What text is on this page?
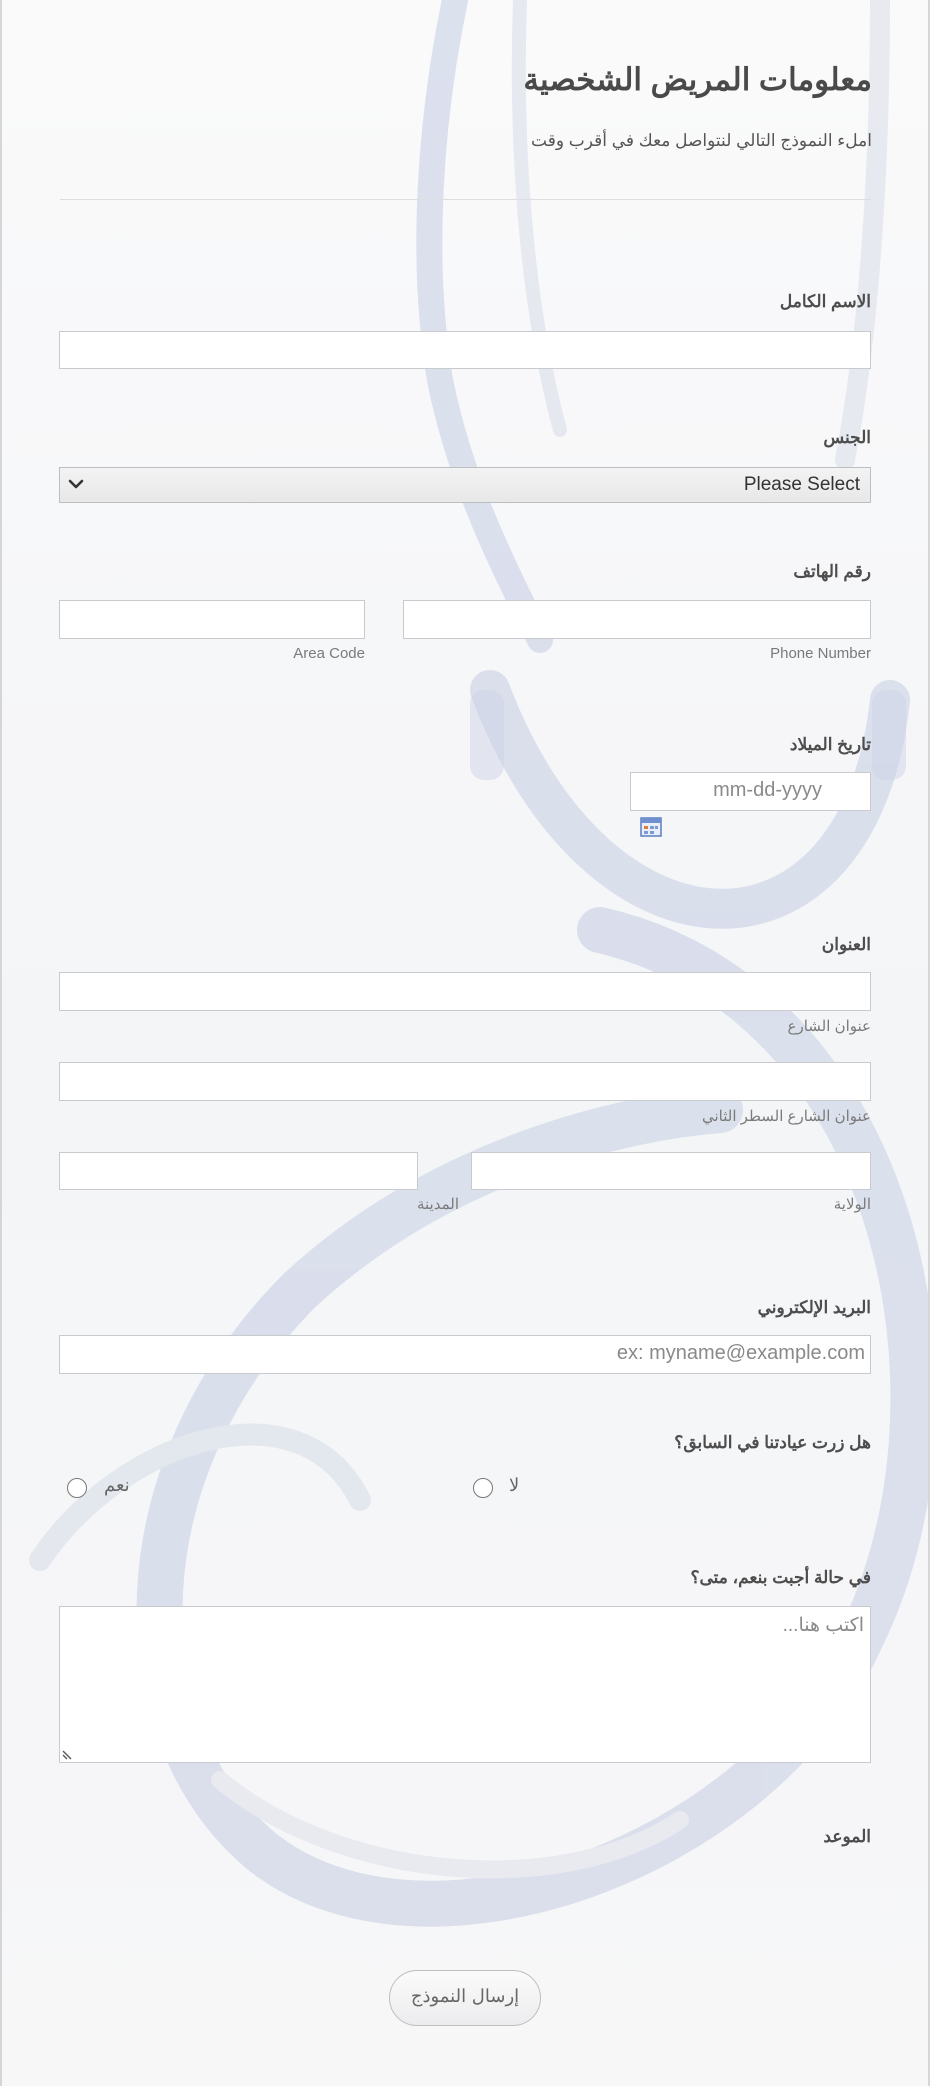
معلومات المريض الشخصية
املء النموذج التالي لنتواصل معك في أقرب وقت
الاسم الكامل
الجنس
Please Select
رقم الهاتف
Phone Number
Area Code
تاريخ الميلاد
mm-dd-yyyy
العنوان
عنوان الشارع
عنوان الشارع السطر الثاني
الولاية
المدينة
البريد الإلكتروني
ex: myname@example.com
هل زرت عيادتنا في السابق؟
نعم	لا
في حالة أجبت بنعم، متى؟
اكتب هنا...
الموعد
إرسال النموذج
